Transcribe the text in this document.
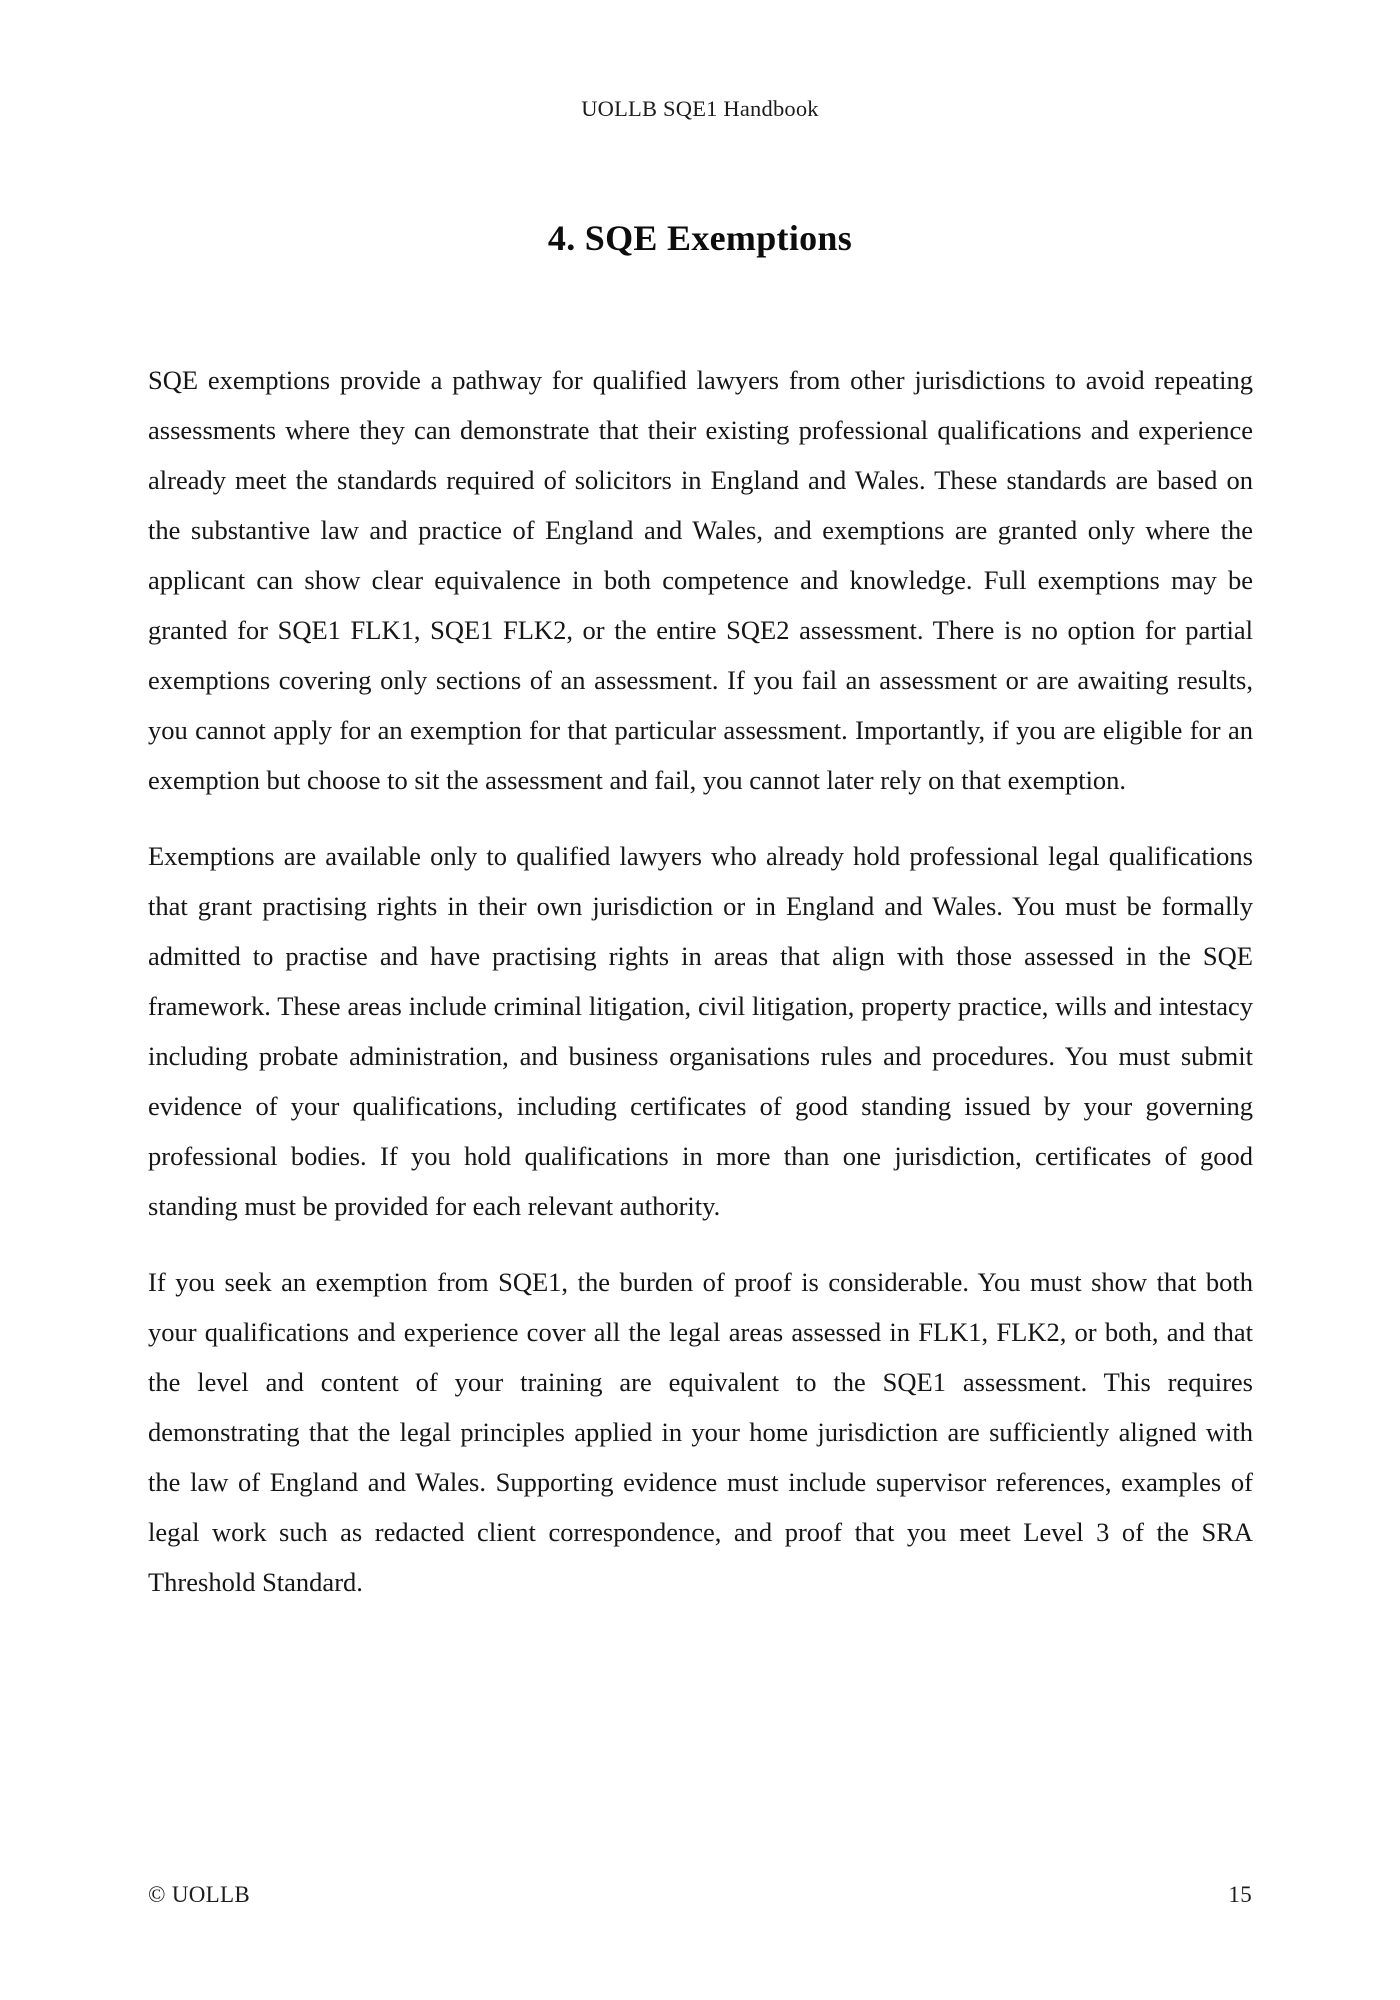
UOLLB SQE1 Handbook
4. SQE Exemptions

SQE exemptions provide a pathway for qualified lawyers from other jurisdictions to avoid repeating assessments where they can demonstrate that their existing professional qualifications and experience already meet the standards required of solicitors in England and Wales. These standards are based on the substantive law and practice of England and Wales, and exemptions are granted only where the applicant can show clear equivalence in both competence and knowledge. Full exemptions may be granted for SQE1 FLK1, SQE1 FLK2, or the entire SQE2 assessment. There is no option for partial exemptions covering only sections of an assessment. If you fail an assessment or are awaiting results, you cannot apply for an exemption for that particular assessment. Importantly, if you are eligible for an exemption but choose to sit the assessment and fail, you cannot later rely on that exemption.

Exemptions are available only to qualified lawyers who already hold professional legal qualifications that grant practising rights in their own jurisdiction or in England and Wales. You must be formally admitted to practise and have practising rights in areas that align with those assessed in the SQE framework. These areas include criminal litigation, civil litigation, property practice, wills and intestacy including probate administration, and business organisations rules and procedures. You must submit evidence of your qualifications, including certificates of good standing issued by your governing professional bodies. If you hold qualifications in more than one jurisdiction, certificates of good standing must be provided for each relevant authority.

If you seek an exemption from SQE1, the burden of proof is considerable. You must show that both your qualifications and experience cover all the legal areas assessed in FLK1, FLK2, or both, and that the level and content of your training are equivalent to the SQE1 assessment. This requires demonstrating that the legal principles applied in your home jurisdiction are sufficiently aligned with the law of England and Wales. Supporting evidence must include supervisor references, examples of legal work such as redacted client correspondence, and proof that you meet Level 3 of the SRA Threshold Standard.

© UOLLB	15
